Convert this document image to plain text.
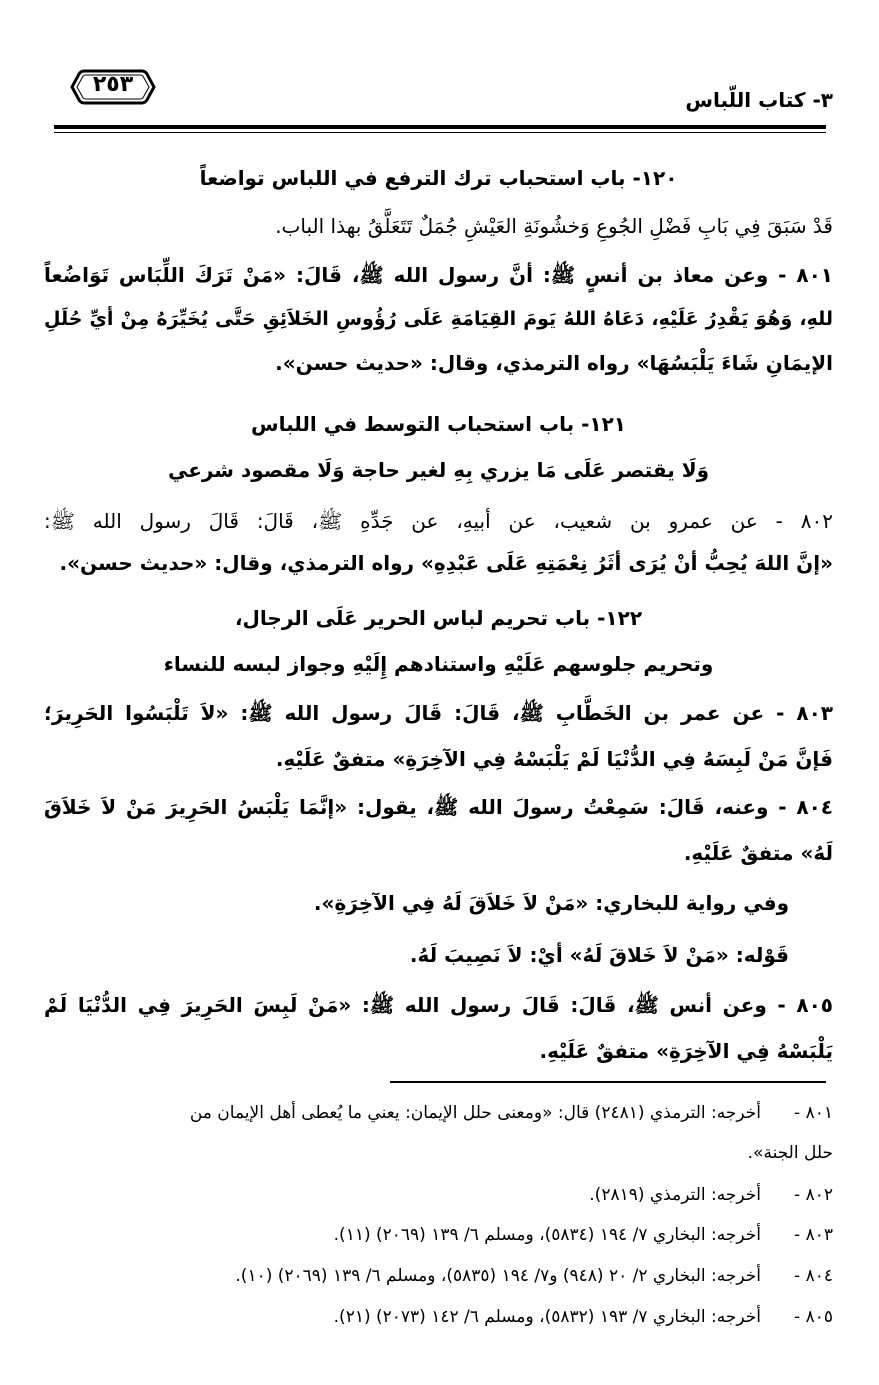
٣- كتاب اللّباس
٢٥٣
١٢٠- باب استحباب ترك الترفع في اللباس تواضعاً
قَدْ سَبَقَ فِي بَابِ فَضْلِ الجُوعِ وَخشُونَةِ العَيْشِ جُمَلٌ تَتَعَلَّقُ بهذا الباب.
٨٠١ - وعن معاذ بن أنسٍ ﷺ: أنَّ رسول الله ﷺ، قَالَ: «مَنْ تَرَكَ اللِّبَاس تَوَاضُعاً
للهِ، وَهُوَ يَقْدِرُ عَلَيْهِ، دَعَاهُ اللهُ يَومَ القِيَامَةِ عَلَى رُؤُوسِ الخَلاَئِقِ حَتَّى يُخَيِّرَهُ مِنْ أيِّ حُلَلِ
الإيمَانِ شَاءَ يَلْبَسُهَا» رواه الترمذي، وقال: «حديث حسن».
١٢١- باب استحباب التوسط في اللباس
وَلَا يقتصر عَلَى مَا يزري بِهِ لغير حاجة وَلَا مقصود شرعي
٨٠٢ - عن عمرو بن شعيب، عن أبيهِ، عن جَدِّهِ ﷺ، قَالَ: قَالَ رسول الله ﷺ:
«إنَّ اللهَ يُحِبُّ أنْ يُرَى أثَرُ نِعْمَتِهِ عَلَى عَبْدِهِ» رواه الترمذي، وقال: «حديث حسن».
١٢٢- باب تحريم لباس الحرير عَلَى الرجال،
وتحريم جلوسهم عَلَيْهِ واستنادهم إِلَيْهِ وجواز لبسه للنساء
٨٠٣ - عن عمر بن الخَطَّابِ ﷺ، قَالَ: قَالَ رسول الله ﷺ: «لاَ تَلْبَسُوا الحَرِيرَ؛
فَإنَّ مَنْ لَبِسَهُ فِي الدُّنْيَا لَمْ يَلْبَسْهُ فِي الآخِرَةِ» متفقٌ عَلَيْهِ.
٨٠٤ - وعنه، قَالَ: سَمِعْتُ رسولَ الله ﷺ، يقول: «إنَّمَا يَلْبَسُ الحَرِيرَ مَنْ لاَ خَلاَقَ
لَهُ» متفقٌ عَلَيْهِ.
وفي رواية للبخاري: «مَنْ لاَ خَلاَقَ لَهُ فِي الآخِرَةِ».
قَوْله: «مَنْ لاَ خَلاقَ لَهُ» أيْ: لاَ نَصِيبَ لَهُ.
٨٠٥ - وعن أنس ﷺ، قَالَ: قَالَ رسول الله ﷺ: «مَنْ لَبِسَ الحَرِيرَ فِي الدُّنْيَا لَمْ
يَلْبَسْهُ فِي الآخِرَةِ» متفقٌ عَلَيْهِ.
٨٠١ -أخرجه: الترمذي (٢٤٨١) قال: «ومعنى حلل الإيمان: يعني ما يُعطى أهل الإيمان من
حلل الجنة».
٨٠٢ -أخرجه: الترمذي (٢٨١٩).
٨٠٣ -أخرجه: البخاري ٧/ ١٩٤ (٥٨٣٤)، ومسلم ٦/ ١٣٩ (٢٠٦٩) (١١).
٨٠٤ -أخرجه: البخاري ٢/ ٢٠ (٩٤٨) و٧/ ١٩٤ (٥٨٣٥)، ومسلم ٦/ ١٣٩ (٢٠٦٩) (١٠).
٨٠٥ -أخرجه: البخاري ٧/ ١٩٣ (٥٨٣٢)، ومسلم ٦/ ١٤٢ (٢٠٧٣) (٢١).
